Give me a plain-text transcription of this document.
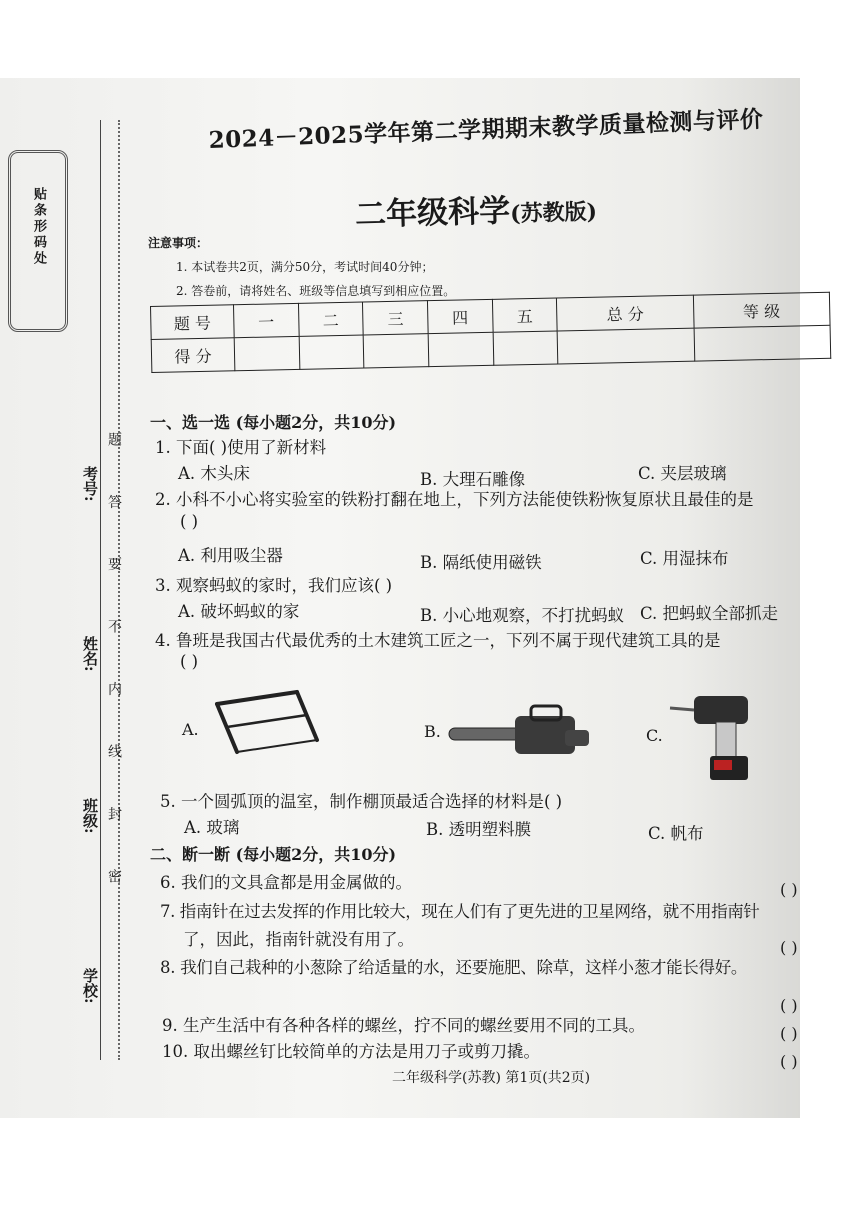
贴条形码处
考号:
姓名:
班级:
学校:
题 答 要 不 内 线 封 密
2024－2025学年第二学期期末教学质量检测与评价
二年级科学(苏教版)
注意事项：
1. 本试卷共2页，满分50分，考试时间40分钟；
2. 答卷前，请将姓名、班级等信息填写到相应位置。
题 号	一	二	三	四	五	总 分	等 级
得 分							
一、选一选 (每小题2分，共10分)
1. 下面( )使用了新材料
A. 木头床	B. 大理石雕像	C. 夹层玻璃
2. 小科不小心将实验室的铁粉打翻在地上，下列方法能使铁粉恢复原状且最佳的是
( )
A. 利用吸尘器	B. 隔纸使用磁铁	C. 用湿抹布
3. 观察蚂蚁的家时，我们应该( )
A. 破坏蚂蚁的家	B. 小心地观察，不打扰蚂蚁 C. 把蚂蚁全部抓走
4. 鲁班是我国古代最优秀的土木建筑工匠之一，下列不属于现代建筑工具的是
( )
A.	B.	C.
5. 一个圆弧顶的温室，制作棚顶最适合选择的材料是( )
A. 玻璃	B. 透明塑料膜	C. 帆布
二、断一断 (每小题2分，共10分)
6. 我们的文具盒都是用金属做的。	( )
7. 指南针在过去发挥的作用比较大，现在人们有了更先进的卫星网络，就不用指南针
了，因此，指南针就没有用了。	( )
8. 我们自己栽种的小葱除了给适量的水，还要施肥、除草，这样小葱才能长得好。
( )
9. 生产生活中有各种各样的螺丝，拧不同的螺丝要用不同的工具。	( )
10. 取出螺丝钉比较简单的方法是用刀子或剪刀撬。
( )
二年级科学(苏教) 第1页(共2页)
